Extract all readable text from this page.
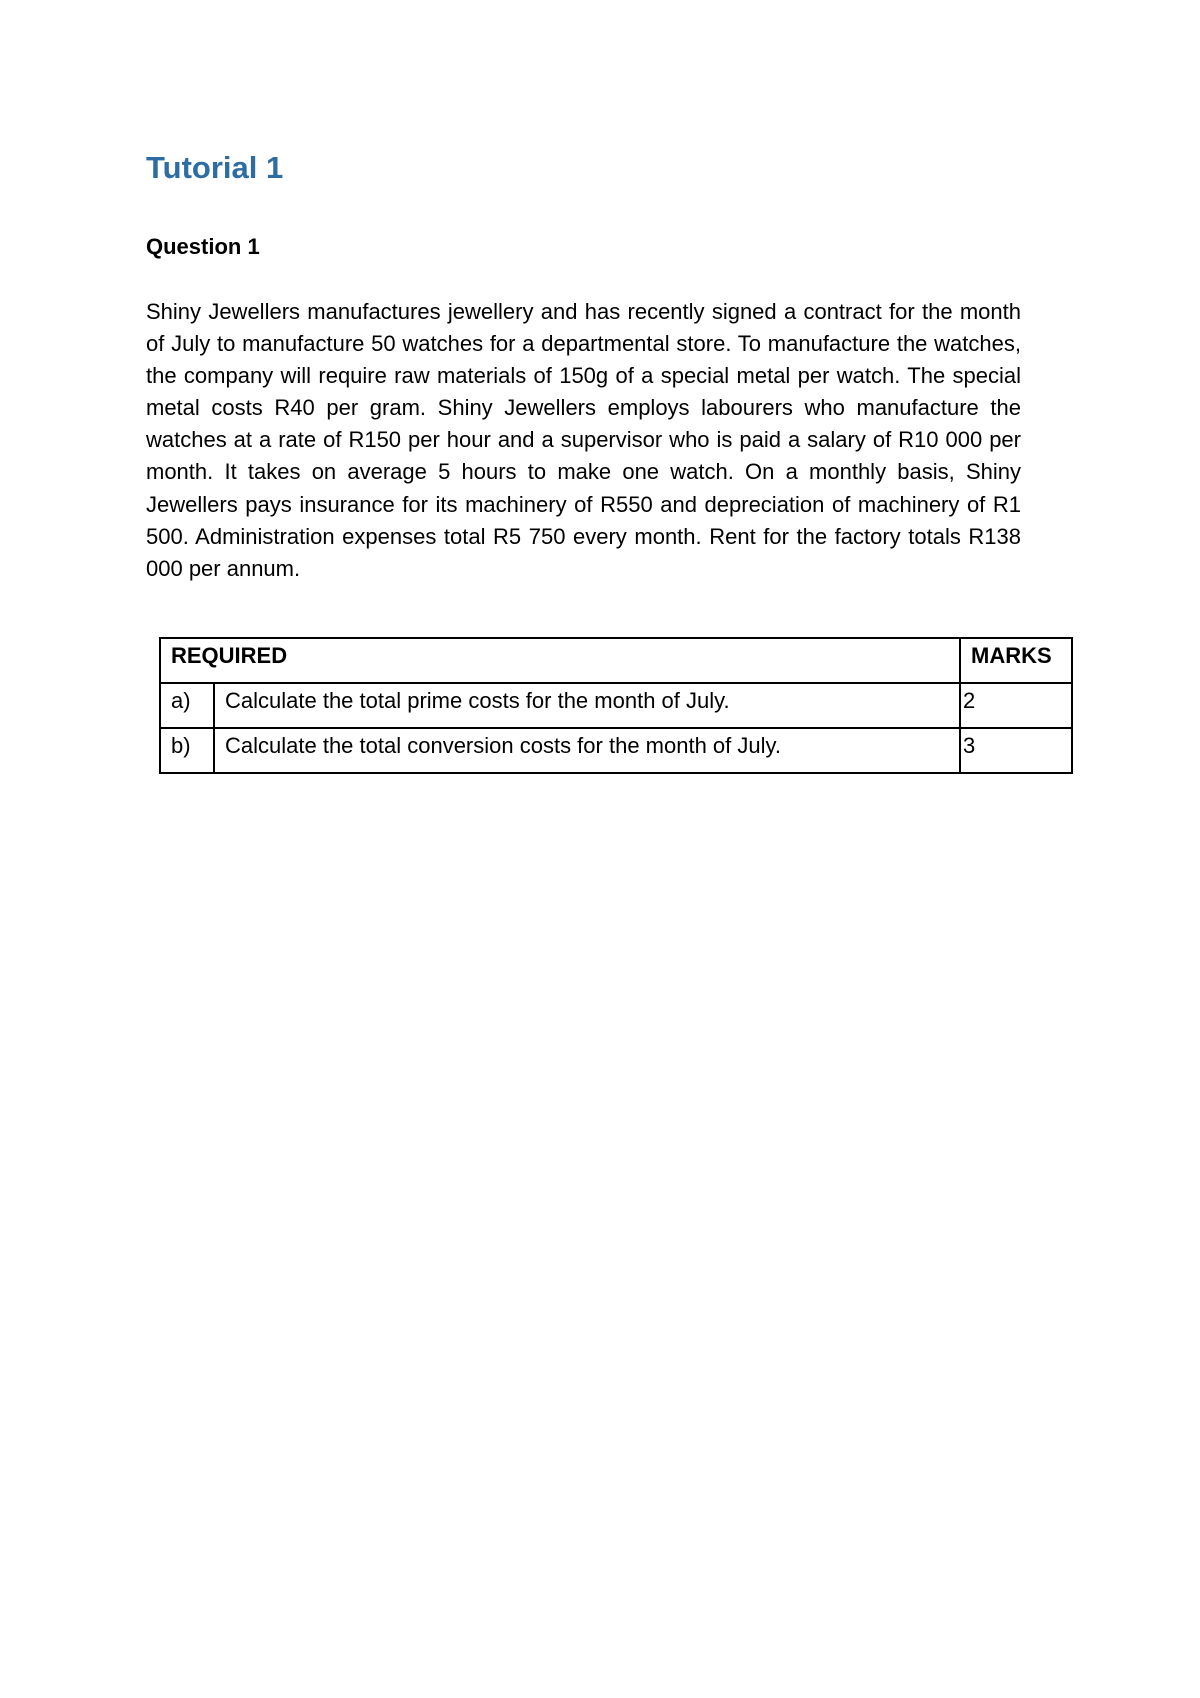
Tutorial 1
Question 1

Shiny Jewellers manufactures jewellery and has recently signed a contract for the month of July to manufacture 50 watches for a departmental store. To manufacture the watches, the company will require raw materials of 150g of a special metal per watch. The special metal costs R40 per gram. Shiny Jewellers employs labourers who manufacture the watches at a rate of R150 per hour and a supervisor who is paid a salary of R10 000 per month. It takes on average 5 hours to make one watch. On a monthly basis, Shiny Jewellers pays insurance for its machinery of R550 and depreciation of machinery of R1 500. Administration expenses total R5 750 every month. Rent for the factory totals R138 000 per annum.

REQUIRED		MARKS
a)	Calculate the total prime costs for the month of July.	2
b)	Calculate the total conversion costs for the month of July.	3
